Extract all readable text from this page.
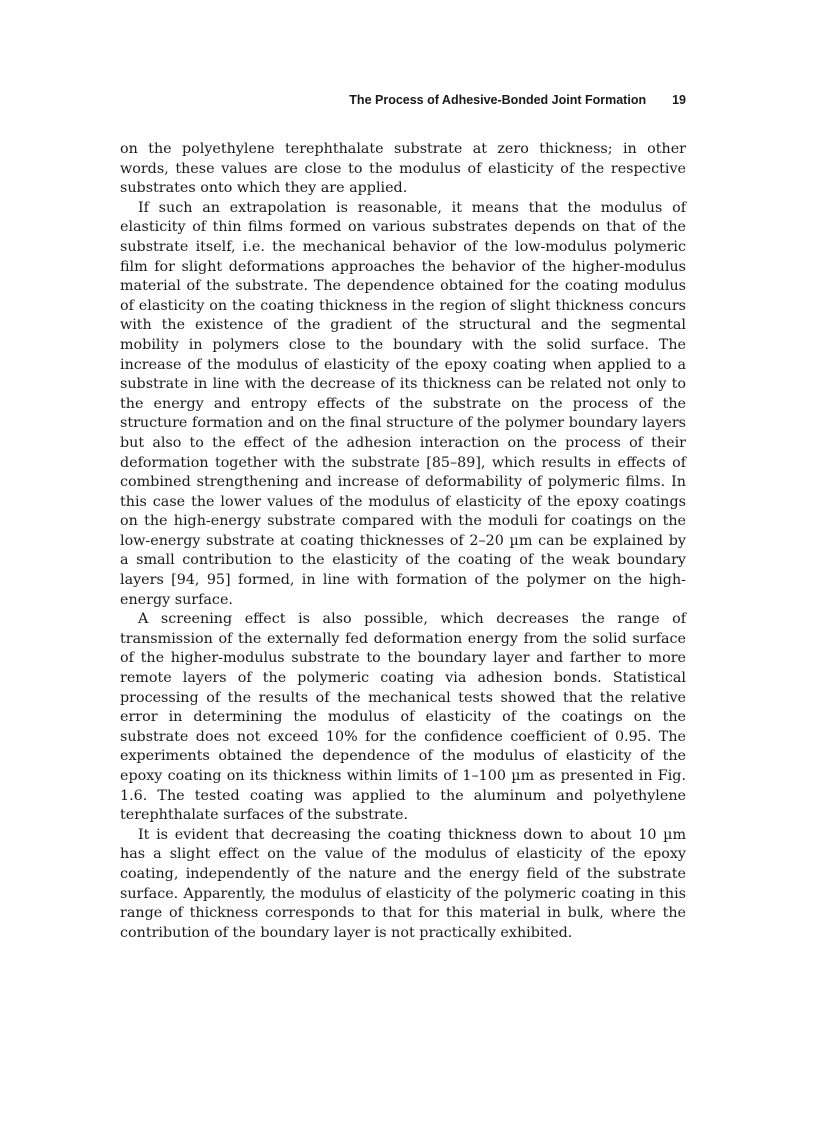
The Process of Adhesive-Bonded Joint Formation 19

on the polyethylene terephthalate substrate at zero thickness; in other words, these values are close to the modulus of elasticity of the respective substrates onto which they are applied.

If such an extrapolation is reasonable, it means that the modulus of elasticity of thin films formed on various substrates depends on that of the substrate itself, i.e. the mechanical behavior of the low-modulus polymeric film for slight deformations approaches the behavior of the higher-modulus material of the substrate. The dependence obtained for the coating modulus of elasticity on the coating thickness in the region of slight thickness concurs with the existence of the gradient of the structural and the segmental mobility in polymers close to the boundary with the solid surface. The increase of the modulus of elasticity of the epoxy coating when applied to a substrate in line with the decrease of its thickness can be related not only to the energy and entropy effects of the substrate on the process of the structure formation and on the final structure of the polymer boundary layers but also to the effect of the adhesion interaction on the process of their deformation together with the substrate [85–89], which results in effects of combined strengthening and increase of deformability of polymeric films. In this case the lower values of the modulus of elasticity of the epoxy coatings on the high-energy substrate compared with the moduli for coatings on the low-energy substrate at coating thicknesses of 2–20 µm can be explained by a small contribution to the elasticity of the coating of the weak boundary layers [94, 95] formed, in line with formation of the polymer on the high-energy surface.

A screening effect is also possible, which decreases the range of transmission of the externally fed deformation energy from the solid surface of the higher-modulus substrate to the boundary layer and farther to more remote layers of the polymeric coating via adhesion bonds. Statistical processing of the results of the mechanical tests showed that the relative error in determining the modulus of elasticity of the coatings on the substrate does not exceed 10% for the confidence coefficient of 0.95. The experiments obtained the dependence of the modulus of elasticity of the epoxy coating on its thickness within limits of 1–100 µm as presented in Fig. 1.6. The tested coating was applied to the aluminum and polyethylene terephthalate surfaces of the substrate.

It is evident that decreasing the coating thickness down to about 10 µm has a slight effect on the value of the modulus of elasticity of the epoxy coating, independently of the nature and the energy field of the substrate surface. Apparently, the modulus of elasticity of the polymeric coating in this range of thickness corresponds to that for this material in bulk, where the contribution of the boundary layer is not practically exhibited.
